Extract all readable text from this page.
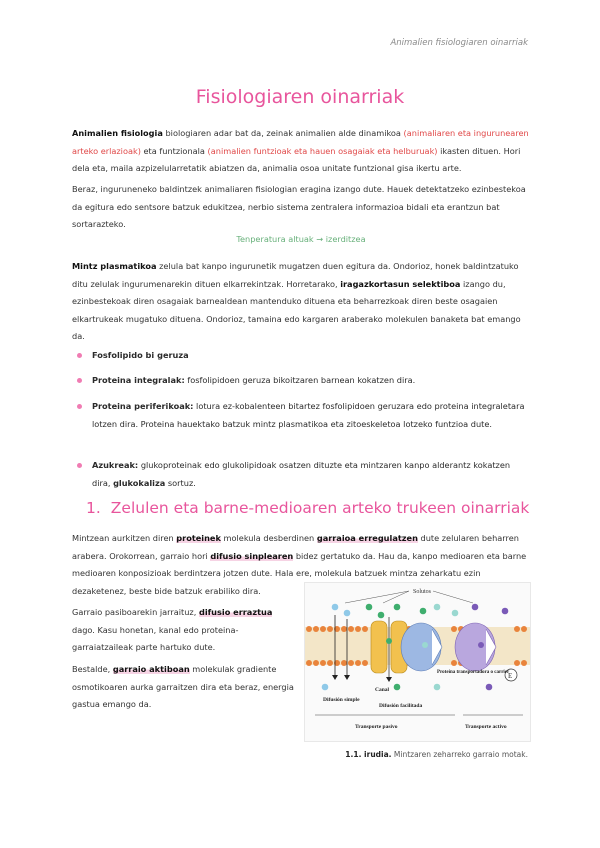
Animalien fisiologiaren oinarriak
Fisiologiaren oinarriak
Animalien fisiologia biologiaren adar bat da, zeinak animalien alde dinamikoa (animaliaren eta ingurunearen arteko erlazioak) eta funtzionala (animalien funtzioak eta hauen osagaiak eta helburuak) ikasten dituen. Hori dela eta, maila azpizelularretatik abiatzen da, animalia osoa unitate funtzional gisa ikertu arte.
Beraz, inguruneneko baldintzek animaliaren fisiologian eragina izango dute. Hauek detektatzeko ezinbestekoa da egitura edo sentsore batzuk edukitzea, nerbio sistema zentralera informazioa bidali eta erantzun bat sortarazteko.
Tenperatura altuak → izerditzea
Mintz plasmatikoa zelula bat kanpo ingurunetik mugatzen duen egitura da. Ondorioz, honek baldintzatuko ditu zelulak ingurumenarekin dituen elkarrekintzak. Horretarako, iragazkortasun selektiboa izango du, ezinbestekoak diren osagaiak barnealdean mantenduko dituena eta beharrezkoak diren beste osagaien elkartrukeak mugatuko dituena. Ondorioz, tamaina edo kargaren araberako molekulen banaketa bat emango da.
Fosfolipido bi geruza
Proteina integralak: fosfolipidoen geruza bikoitzaren barnean kokatzen dira.
Proteina periferikoak: lotura ez-kobalenteen bitartez fosfolipidoen geruzara edo proteina integraletara lotzen dira. Proteina hauektako batzuk mintz plasmatikoa eta zitoeskeletoa lotzeko funtzioa dute.
Azukreak: glukoproteinak edo glukolipidoak osatzen dituzte eta mintzaren kanpo alderantz kokatzen dira, glukokaliza sortuz.
1. Zelulen eta barne-medioaren arteko trukeen oinarriak
Mintzean aurkitzen diren proteinek molekula desberdinen garraioa erregulatzen dute zelularen beharren arabera. Orokorrean, garraio hori difusio sinplearen bidez gertatuko da. Hau da, kanpo medioaren eta barne medioaren konposizioak berdintzera jotzen dute. Hala ere, molekula batzuek mintza zeharkatu ezin dezaketenez, beste bide batzuk erabiliko dira.
Garraio pasiboarekin jarraituz, difusio erraztua dago. Kasu honetan, kanal edo proteina-garraiatzaileak parte hartuko dute.
Bestalde, garraio aktiboan molekulak gradiente osmotikoaren aurka garraitzen dira eta beraz, energia gastua emango da.
Solutos
E
Difusión simple
Canal
Proteína transportadora o carrier
Difusión facilitada
Transporte pasivo	Transporte activo
1.1. irudia. Mintzaren zeharreko garraio motak.
